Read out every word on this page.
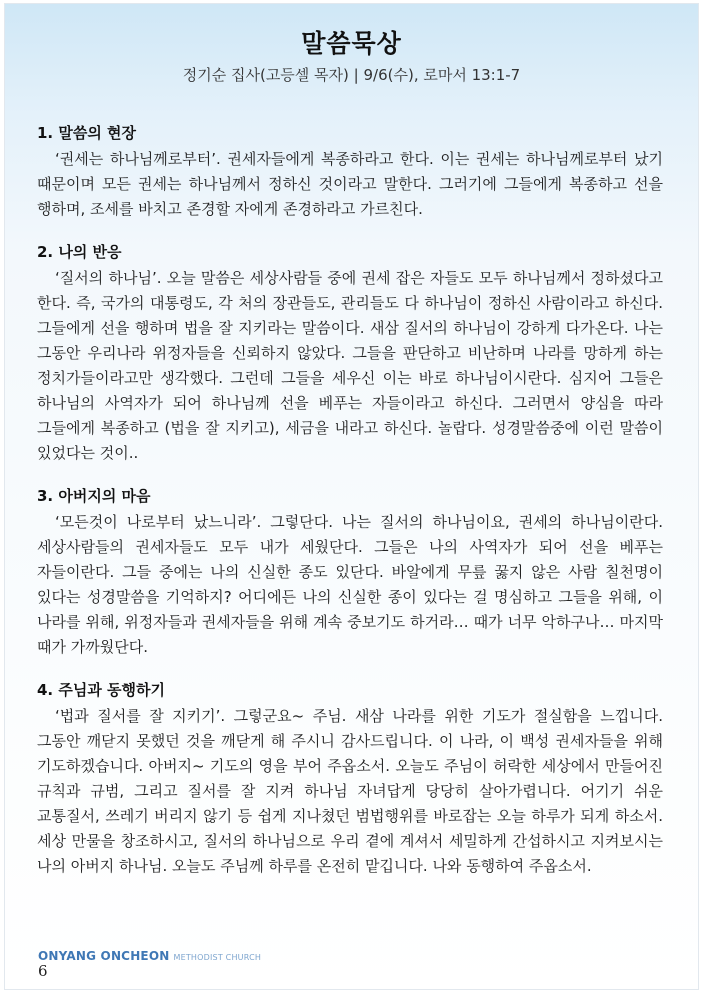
말씀묵상
정기순 집사(고등셀 목자) | 9/6(수), 로마서 13:1-7

1. 말씀의 현장

‘권세는 하나님께로부터’. 권세자들에게 복종하라고 한다. 이는 권세는 하나님께로부터 났기 때문이며 모든 권세는 하나님께서 정하신 것이라고 말한다. 그러기에 그들에게 복종하고 선을 행하며, 조세를 바치고 존경할 자에게 존경하라고 가르친다.

2. 나의 반응

‘질서의 하나님’. 오늘 말씀은 세상사람들 중에 권세 잡은 자들도 모두 하나님께서 정하셨다고 한다. 즉, 국가의 대통령도, 각 처의 장관들도, 관리들도 다 하나님이 정하신 사람이라고 하신다. 그들에게 선을 행하며 법을 잘 지키라는 말씀이다. 새삼 질서의 하나님이 강하게 다가온다. 나는 그동안 우리나라 위정자들을 신뢰하지 않았다. 그들을 판단하고 비난하며 나라를 망하게 하는 정치가들이라고만 생각했다. 그런데 그들을 세우신 이는 바로 하나님이시란다. 심지어 그들은 하나님의 사역자가 되어 하나님께 선을 베푸는 자들이라고 하신다. 그러면서 양심을 따라 그들에게 복종하고 (법을 잘 지키고), 세금을 내라고 하신다. 놀랍다. 성경말씀중에 이런 말씀이 있었다는 것이..

3. 아버지의 마음

‘모든것이 나로부터 났느니라’. 그렇단다. 나는 질서의 하나님이요, 권세의 하나님이란다. 세상사람들의 권세자들도 모두 내가 세웠단다. 그들은 나의 사역자가 되어 선을 베푸는 자들이란다. 그들 중에는 나의 신실한 종도 있단다. 바알에게 무릎 꿇지 않은 사람 칠천명이 있다는 성경말씀을 기억하지? 어디에든 나의 신실한 종이 있다는 걸 명심하고 그들을 위해, 이 나라를 위해, 위정자들과 권세자들을 위해 계속 중보기도 하거라… 때가 너무 악하구나… 마지막 때가 가까웠단다.

4. 주님과 동행하기

‘법과 질서를 잘 지키기’. 그렇군요~ 주님. 새삼 나라를 위한 기도가 절실함을 느낍니다. 그동안 깨닫지 못했던 것을 깨닫게 해 주시니 감사드립니다. 이 나라, 이 백성 권세자들을 위해 기도하겠습니다. 아버지~ 기도의 영을 부어 주옵소서. 오늘도 주님이 허락한 세상에서 만들어진 규칙과 규범, 그리고 질서를 잘 지켜 하나님 자녀답게 당당히 살아가렵니다. 어기기 쉬운 교통질서, 쓰레기 버리지 않기 등 쉽게 지나쳤던 범법행위를 바로잡는 오늘 하루가 되게 하소서. 세상 만물을 창조하시고, 질서의 하나님으로 우리 곁에 계셔서 세밀하게 간섭하시고 지켜보시는 나의 아버지 하나님. 오늘도 주님께 하루를 온전히 맡깁니다. 나와 동행하여 주옵소서.

ONYANG ONCHEON METHODIST CHURCH
6
